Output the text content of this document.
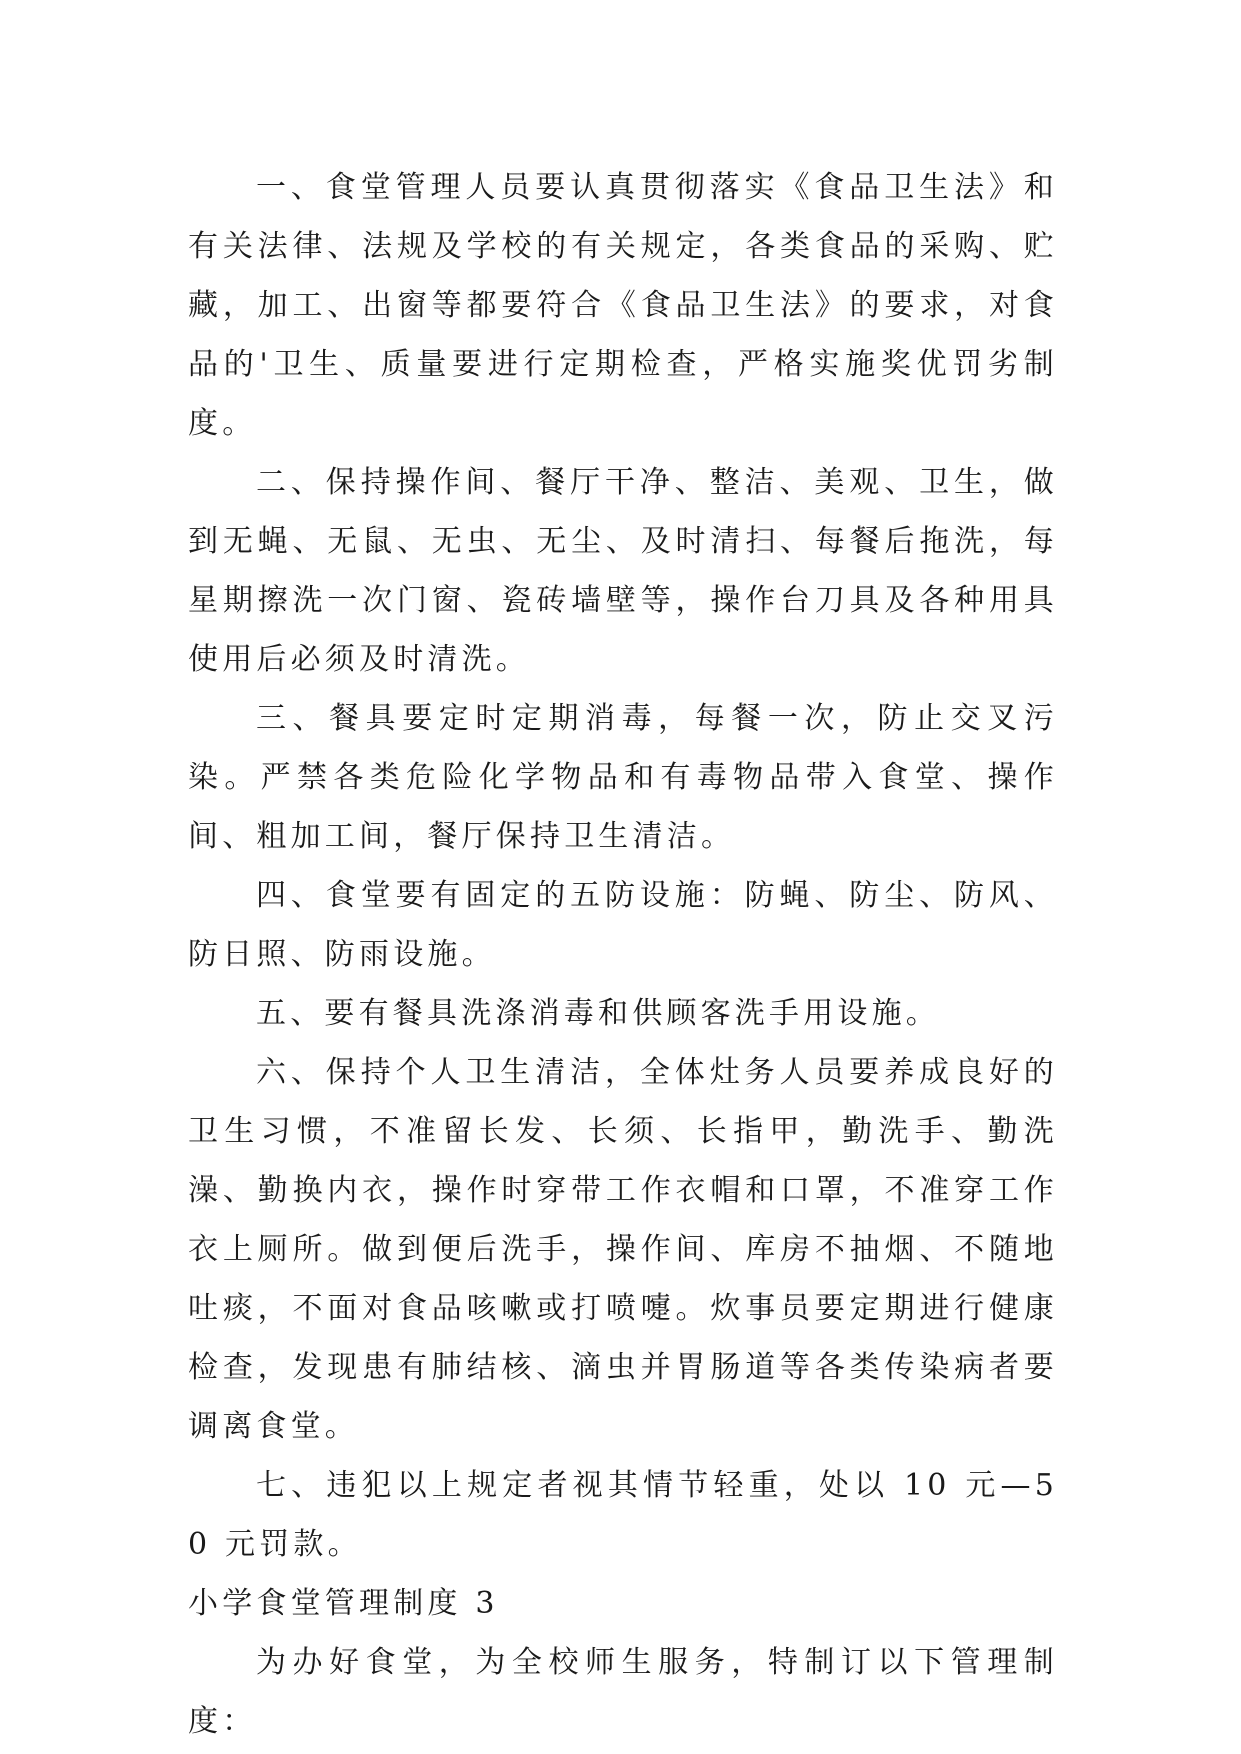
一、食堂管理人员要认真贯彻落实《食品卫生法》和有关法律、法规及学校的有关规定，各类食品的采购、贮藏，加工、出窗等都要符合《食品卫生法》的要求，对食品的'卫生、质量要进行定期检查，严格实施奖优罚劣制度。

二、保持操作间、餐厅干净、整洁、美观、卫生，做到无蝇、无鼠、无虫、无尘、及时清扫、每餐后拖洗，每星期擦洗一次门窗、瓷砖墙壁等，操作台刀具及各种用具使用后必须及时清洗。

三、餐具要定时定期消毒，每餐一次，防止交叉污染。严禁各类危险化学物品和有毒物品带入食堂、操作间、粗加工间，餐厅保持卫生清洁。

四、食堂要有固定的五防设施：防蝇、防尘、防风、防日照、防雨设施。

五、要有餐具洗涤消毒和供顾客洗手用设施。

六、保持个人卫生清洁，全体灶务人员要养成良好的卫生习惯，不准留长发、长须、长指甲，勤洗手、勤洗澡、勤换内衣，操作时穿带工作衣帽和口罩，不准穿工作衣上厕所。做到便后洗手，操作间、库房不抽烟、不随地吐痰，不面对食品咳嗽或打喷嚏。炊事员要定期进行健康检查，发现患有肺结核、滴虫并胃肠道等各类传染病者要调离食堂。

七、违犯以上规定者视其情节轻重，处以 10 元—50 元罚款。

小学食堂管理制度 3

为办好食堂，为全校师生服务，特制订以下管理制度：
